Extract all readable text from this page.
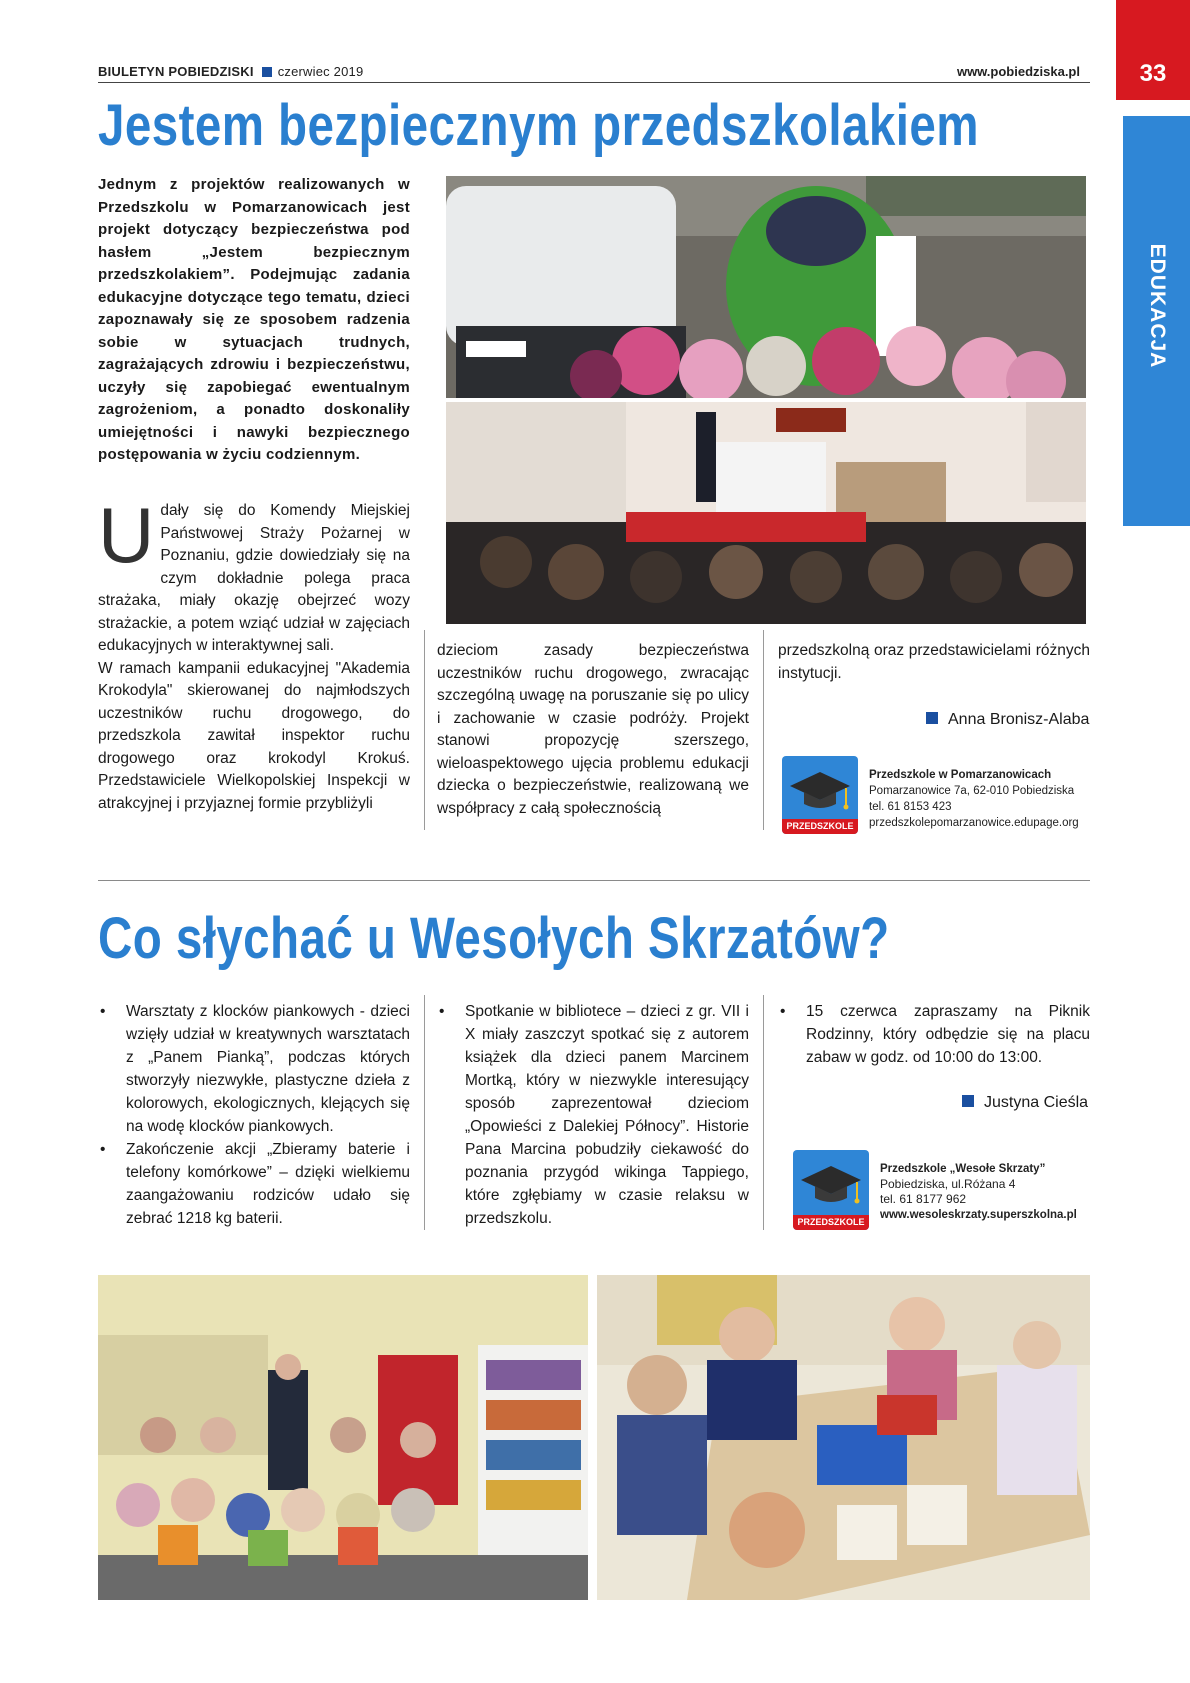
BIULETYN POBIEDZISKI czerwiec 2019	www.pobiedziska.pl	33
EDUKACJA
Jestem bezpiecznym przedszkolakiem
Jednym z projektów realizowanych w Przedszkolu w Pomarzanowicach jest projekt dotyczący bezpieczeństwa pod hasłem „Jestem bezpiecznym przedszkolakiem”. Podejmując zadania edukacyjne dotyczące tego tematu, dzieci zapoznawały się ze sposobem radzenia sobie w sytuacjach trudnych, zagrażających zdrowiu i bezpieczeństwu, uczyły się zapobiegać ewentualnym zagrożeniom, a ponadto doskonaliły umiejętności i nawyki bezpiecznego postępowania w życiu codziennym.
U dały się do Komendy Miejskiej Państwowej Straży Pożarnej w Poznaniu, gdzie dowiedziały się na czym dokładnie polega praca strażaka, miały okazję obejrzeć wozy strażackie, a potem wziąć udział w zajęciach edukacyjnych w interaktywnej sali.
W ramach kampanii edukacyjnej "Akademia Krokodyla" skierowanej do najmłodszych uczestników ruchu drogowego, do przedszkola zawitał inspektor ruchu drogowego oraz krokodyl Krokuś. Przedstawiciele Wielkopolskiej Inspekcji w atrakcyjnej i przyjaznej formie przybliżyli
dzieciom zasady bezpieczeństwa uczestników ruchu drogowego, zwracając szczególną uwagę na poruszanie się po ulicy i zachowanie w czasie podróży. Projekt stanowi propozycję szerszego, wieloaspektowego ujęcia problemu edukacji dziecka o bezpieczeństwie, realizowaną we współpracy z całą społecznością
przedszkolną oraz przedstawicielami różnych instytucji.
Anna Bronisz-Alaba
PRZEDSZKOLE
Przedszkole w Pomarzanowicach
Pomarzanowice 7a, 62-010 Pobiedziska
tel. 61 8153 423
przedszkolepomarzanowice.edupage.org
Co słychać u Wesołych Skrzatów?
• Warsztaty z klocków piankowych - dzieci wzięły udział w kreatywnych warsztatach z „Panem Pianką”, podczas których stworzyły niezwykłe, plastyczne dzieła z kolorowych, ekologicznych, klejących się na wodę klocków piankowych.
• Zakończenie akcji „Zbieramy baterie i telefony komórkowe” – dzięki wielkiemu zaangażowaniu rodziców udało się zebrać 1218 kg baterii.
• Spotkanie w bibliotece – dzieci z gr. VII i X miały zaszczyt spotkać się z autorem książek dla dzieci panem Marcinem Mortką, który w niezwykle interesujący sposób zaprezentował dzieciom „Opowieści z Dalekiej Północy”. Historie Pana Marcina pobudziły ciekawość do poznania przygód wikinga Tappiego, które zgłębiamy w czasie relaksu w przedszkolu.
• 15 czerwca zapraszamy na Piknik Rodzinny, który odbędzie się na placu zabaw w godz. od 10:00 do 13:00.
Justyna Cieśla
PRZEDSZKOLE
Przedszkole „Wesołe Skrzaty”
Pobiedziska, ul.Różana 4
tel. 61 8177 962
www.wesoleskrzaty.superszkolna.pl
